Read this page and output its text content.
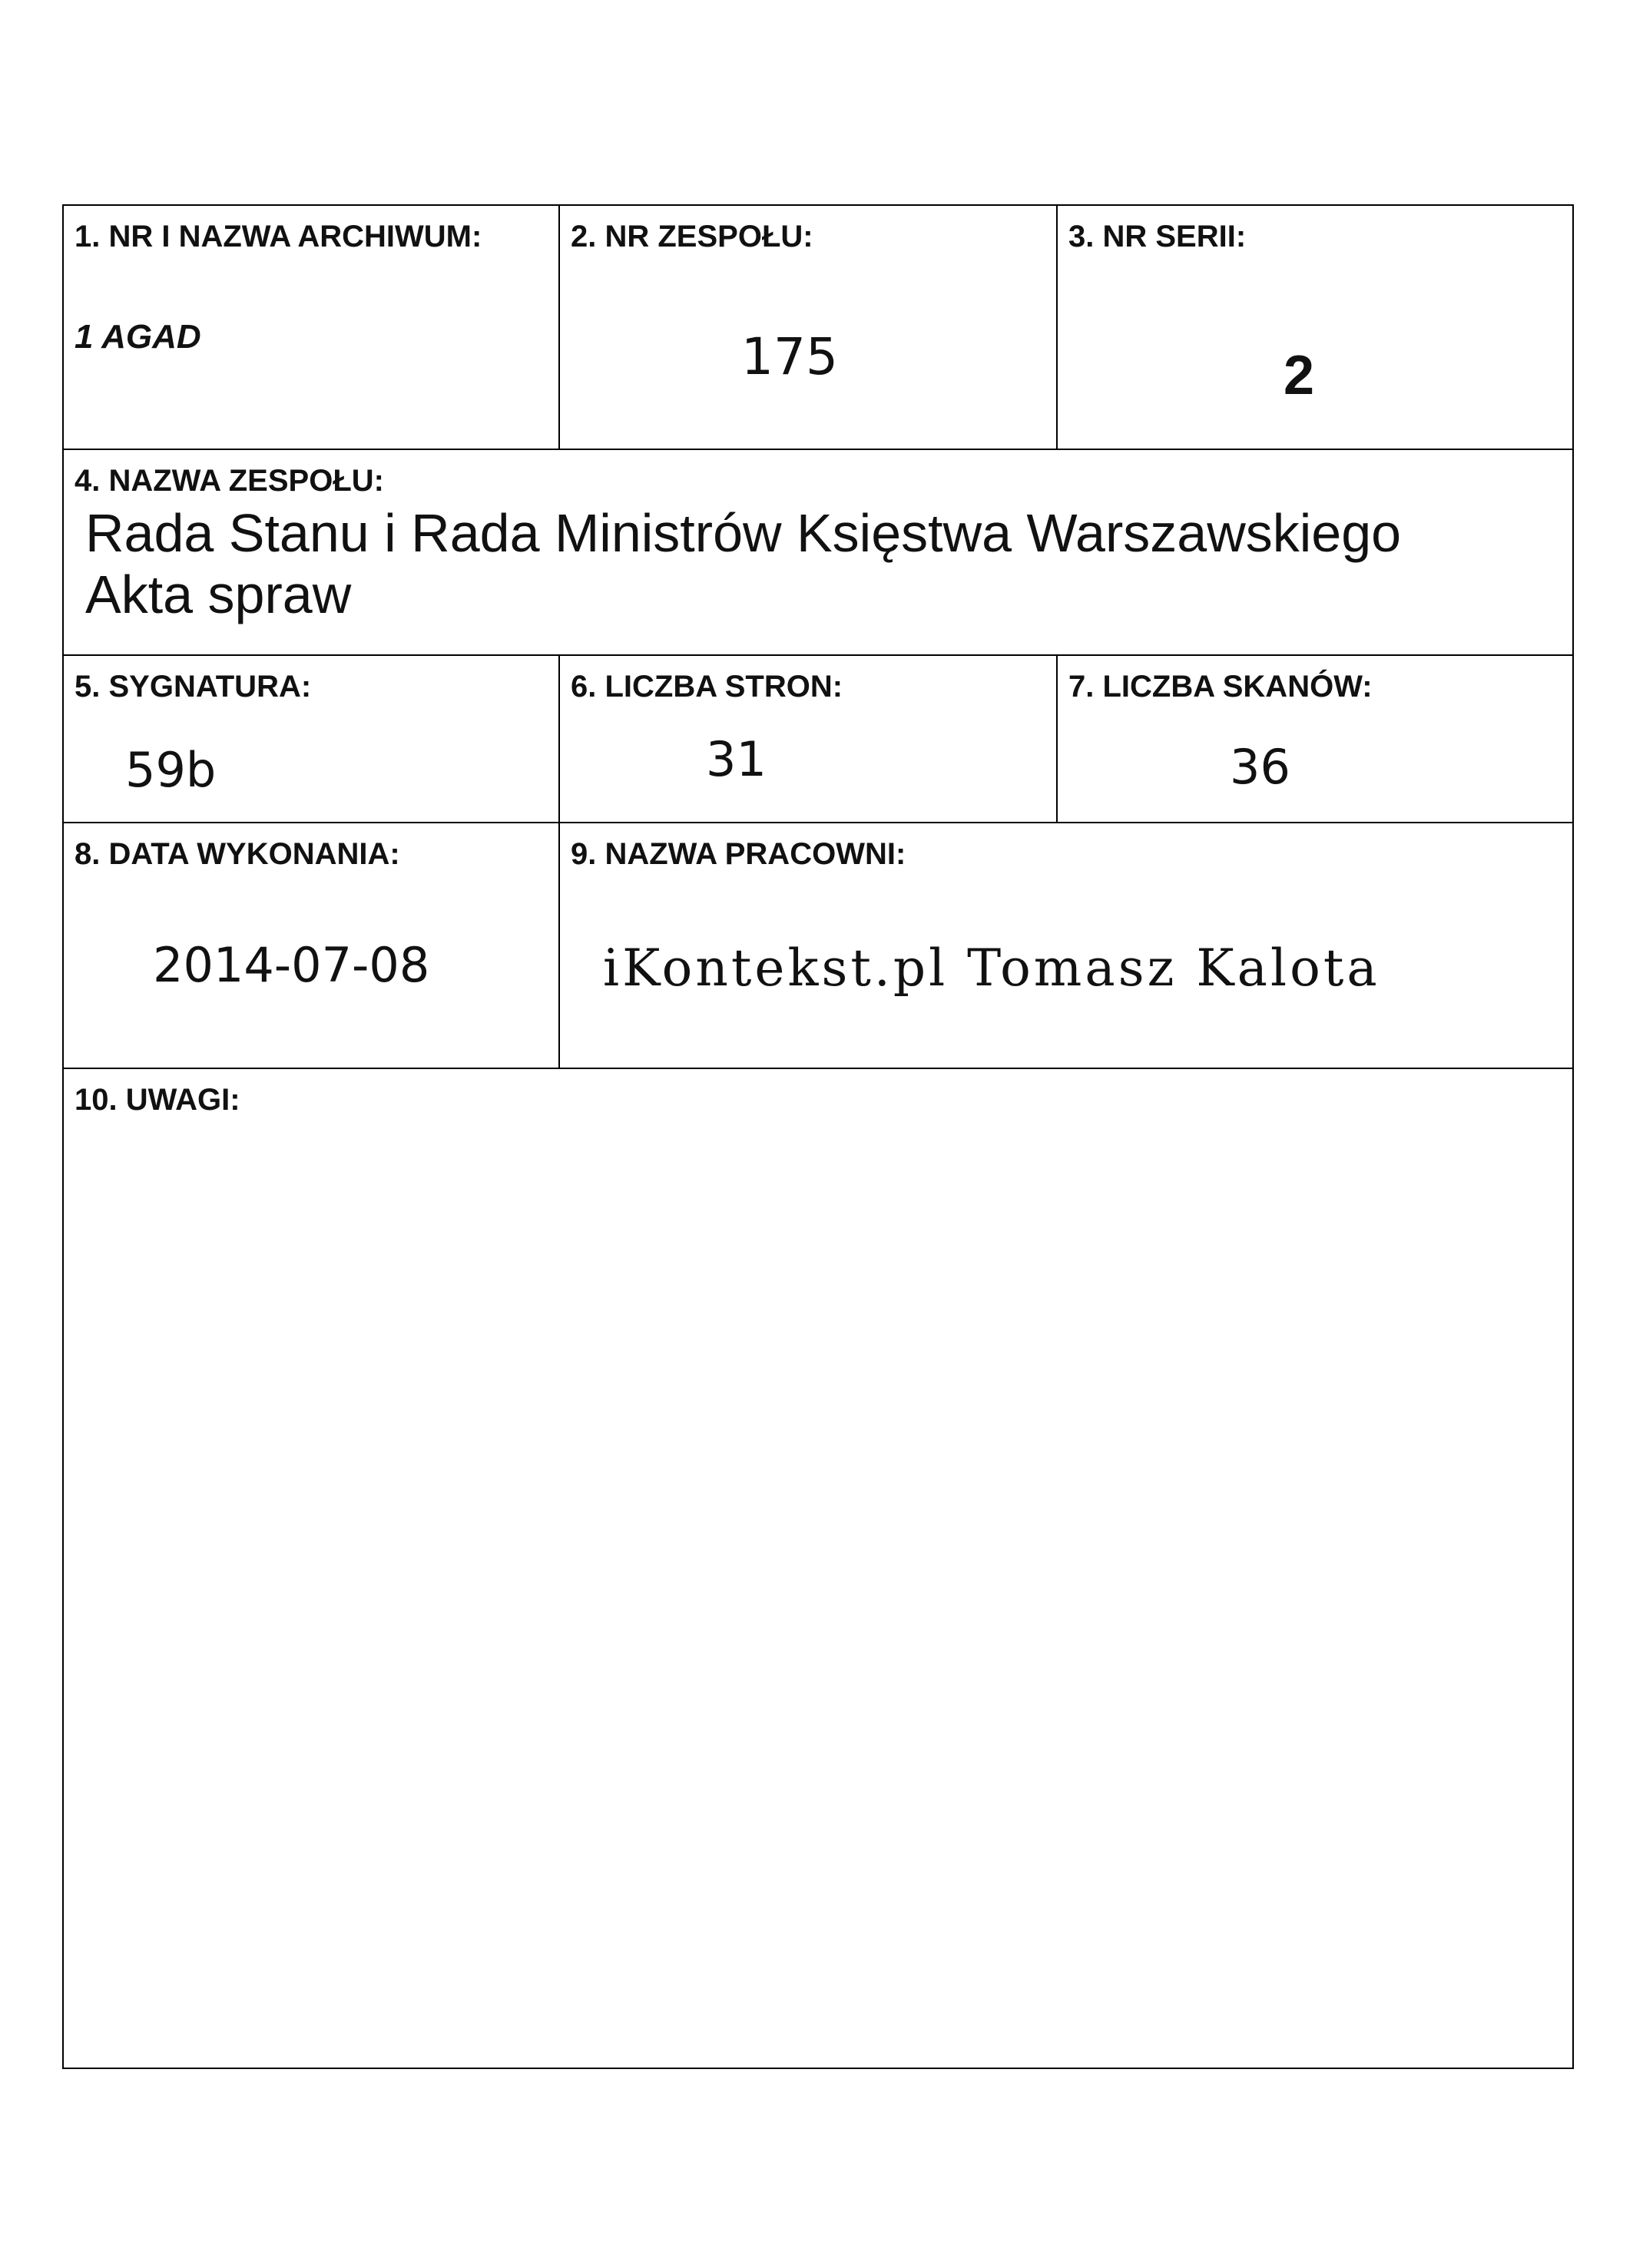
1. NR I NAZWA ARCHIWUM:
1 AGAD
2. NR ZESPOŁU:
175
3. NR SERII:
2
4. NAZWA ZESPOŁU:
Rada Stanu i Rada Ministrów Księstwa Warszawskiego
Akta spraw
5. SYGNATURA:
59b
6. LICZBA STRON:
31
7. LICZBA SKANÓW:
36
8. DATA WYKONANIA:
2014-07-08
9. NAZWA PRACOWNI:
iKontekst.pl Tomasz Kalota
10. UWAGI:
